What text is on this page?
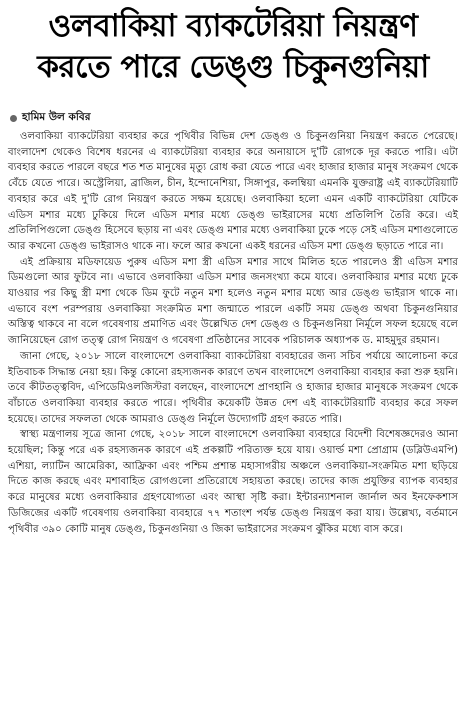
ওলবাকিয়া ব্যাকটেরিয়া নিয়ন্ত্রণ
করতে পারে ডেঙ্গু চিকুনগুনিয়া
হামিম উল কবির

ওলবাকিয়া ব্যাকটেরিয়া ব্যবহার করে পৃথিবীর বিভিন্ন দেশ ডেঙ্গু ও চিকুনগুনিয়া নিয়ন্ত্রণ করতে পেরেছে। বাংলাদেশ থেকেও বিশেষ ধরনের এ ব্যাকটেরিয়া ব্যবহার করে অনায়াসে দু'টি রোগকে দূর করতে পারি। এটা ব্যবহার করতে পারলে বছরে শত শত মানুষের মৃত্যু রোধ করা যেতে পারে এবং হাজার হাজার মানুষ সংক্রমণ থেকে বেঁচে যেতে পারে। অস্ট্রেলিয়া, ব্রাজিল, চীন, ইন্দোনেশিয়া, সিঙ্গাপুর, কলম্বিয়া এমনকি যুক্তরাষ্ট্র এই ব্যাকটেরিয়াটি ব্যবহার করে এই দু'টি রোগ নিয়ন্ত্রণ করতে সক্ষম হয়েছে। ওলবাকিয়া হলো এমন একটি ব্যাকটেরিয়া যেটিকে এডিস মশার মধ্যে ঢুকিয়ে দিলে এডিস মশার মধ্যে ডেঙ্গু ভাইরাসের মধ্যে প্রতিলিপি তৈরি করে। এই প্রতিলিপিগুলো ডেঙ্গু হিসেবে ছড়ায় না এবং ডেঙ্গু মশার মধ্যে ওলবাকিয়া ঢুকে পড়ে সেই এডিস মশাগুলোতে আর কখনো ডেঙ্গু ভাইরাসও থাকে না। ফলে আর কখনো একই ধরনের এডিস মশা ডেঙ্গু ছড়াতে পারে না।

এই প্রক্রিয়ায় মডিফায়েড পুরুষ এডিস মশা স্ত্রী এডিস মশার সাথে মিলিত হতে পারলেও স্ত্রী এডিস মশার ডিমগুলো আর ফুটবে না। এভাবে ওলবাকিয়া এডিস মশার জনসংখ্যা কমে যাবে। ওলবাকিয়ার মশার মধ্যে ঢুকে যাওয়ার পর কিছু স্ত্রী মশা থেকে ডিম ফুটে নতুন মশা হলেও নতুন মশার মধ্যে আর ডেঙ্গু ভাইরাস থাকে না। এভাবে বংশ পরম্পরায় ওলবাকিয়া সংক্রমিত মশা জন্মাতে পারলে একটি সময় ডেঙ্গু অথবা চিকুনগুনিয়ার অস্তিত্ব থাকবে না বলে গবেষণায় প্রমাণিত এবং উল্লেখিত দেশ ডেঙ্গু ও চিকুনগুনিয়া নির্মূলে সফল হয়েছে বলে জানিয়েছেন রোগ তত্ত্ব রোগ নিয়ন্ত্রণ ও গবেষণা প্রতিষ্ঠানের সাবেক পরিচালক অধ্যাপক ড. মাহমুদুর রহমান।

জানা গেছে, ২০১৮ সালে বাংলাদেশে ওলবাকিয়া ব্যাকটেরিয়া ব্যবহারের জন্য সচিব পর্যায়ে আলোচনা করে ইতিবাচক সিদ্ধান্ত নেয়া হয়। কিন্তু কোনো রহস্যজনক কারণে তখন বাংলাদেশে ওলবাকিয়া ব্যবহার করা শুরু হয়নি। তবে কীটতত্ত্ববিদ, এপিডেমিওলজিস্টরা বলছেন, বাংলাদেশে প্রাণহানি ও হাজার হাজার মানুষকে সংক্রমণ থেকে বাঁচাতে ওলবাকিয়া ব্যবহার করতে পারে। পৃথিবীর কয়েকটি উন্নত দেশ এই ব্যাকটেরিয়াটি ব্যবহার করে সফল হয়েছে। তাদের সফলতা থেকে আমরাও ডেঙ্গু নির্মূলে উদ্যোগটি গ্রহণ করতে পারি।

স্বাস্থ্য মন্ত্রণালয় সূত্রে জানা গেছে, ২০১৮ সালে বাংলাদেশে ওলবাকিয়া ব্যবহারে বিদেশী বিশেষজ্ঞদেরও আনা হয়েছিল; কিন্তু পরে এক রহস্যজনক কারণে এই প্রকল্পটি পরিত্যক্ত হয়ে যায়। ওয়ার্ল্ড মশা প্রোগ্রাম (ডব্লিউএমপি) এশিয়া, ল্যাটিন আমেরিকা, আফ্রিকা এবং পশ্চিম প্রশান্ত মহাসাগরীয় অঞ্চলে ওলবাকিয়া-সংক্রমিত মশা ছড়িয়ে দিতে কাজ করছে এবং মশাবাহিত রোগগুলো প্রতিরোধে সহায়তা করছে। তাদের কাজ প্রযুক্তির ব্যাপক ব্যবহার করে মানুষের মধ্যে ওলবাকিয়ার গ্রহণযোগ্যতা এবং আস্থা সৃষ্টি করা। ইন্টারন্যাশনাল জার্নাল অব ইনফেকশাস ডিজিজের একটি গবেষণায় ওলবাকিয়া ব্যবহারে ৭৭ শতাংশ পর্যন্ত ডেঙ্গু নিয়ন্ত্রণ করা যায়। উল্লেখ্য, বর্তমানে পৃথিবীর ৩৯০ কোটি মানুষ ডেঙ্গু, চিকুনগুনিয়া ও জিকা ভাইরাসের সংক্রমণ ঝুঁকির মধ্যে বাস করে।
